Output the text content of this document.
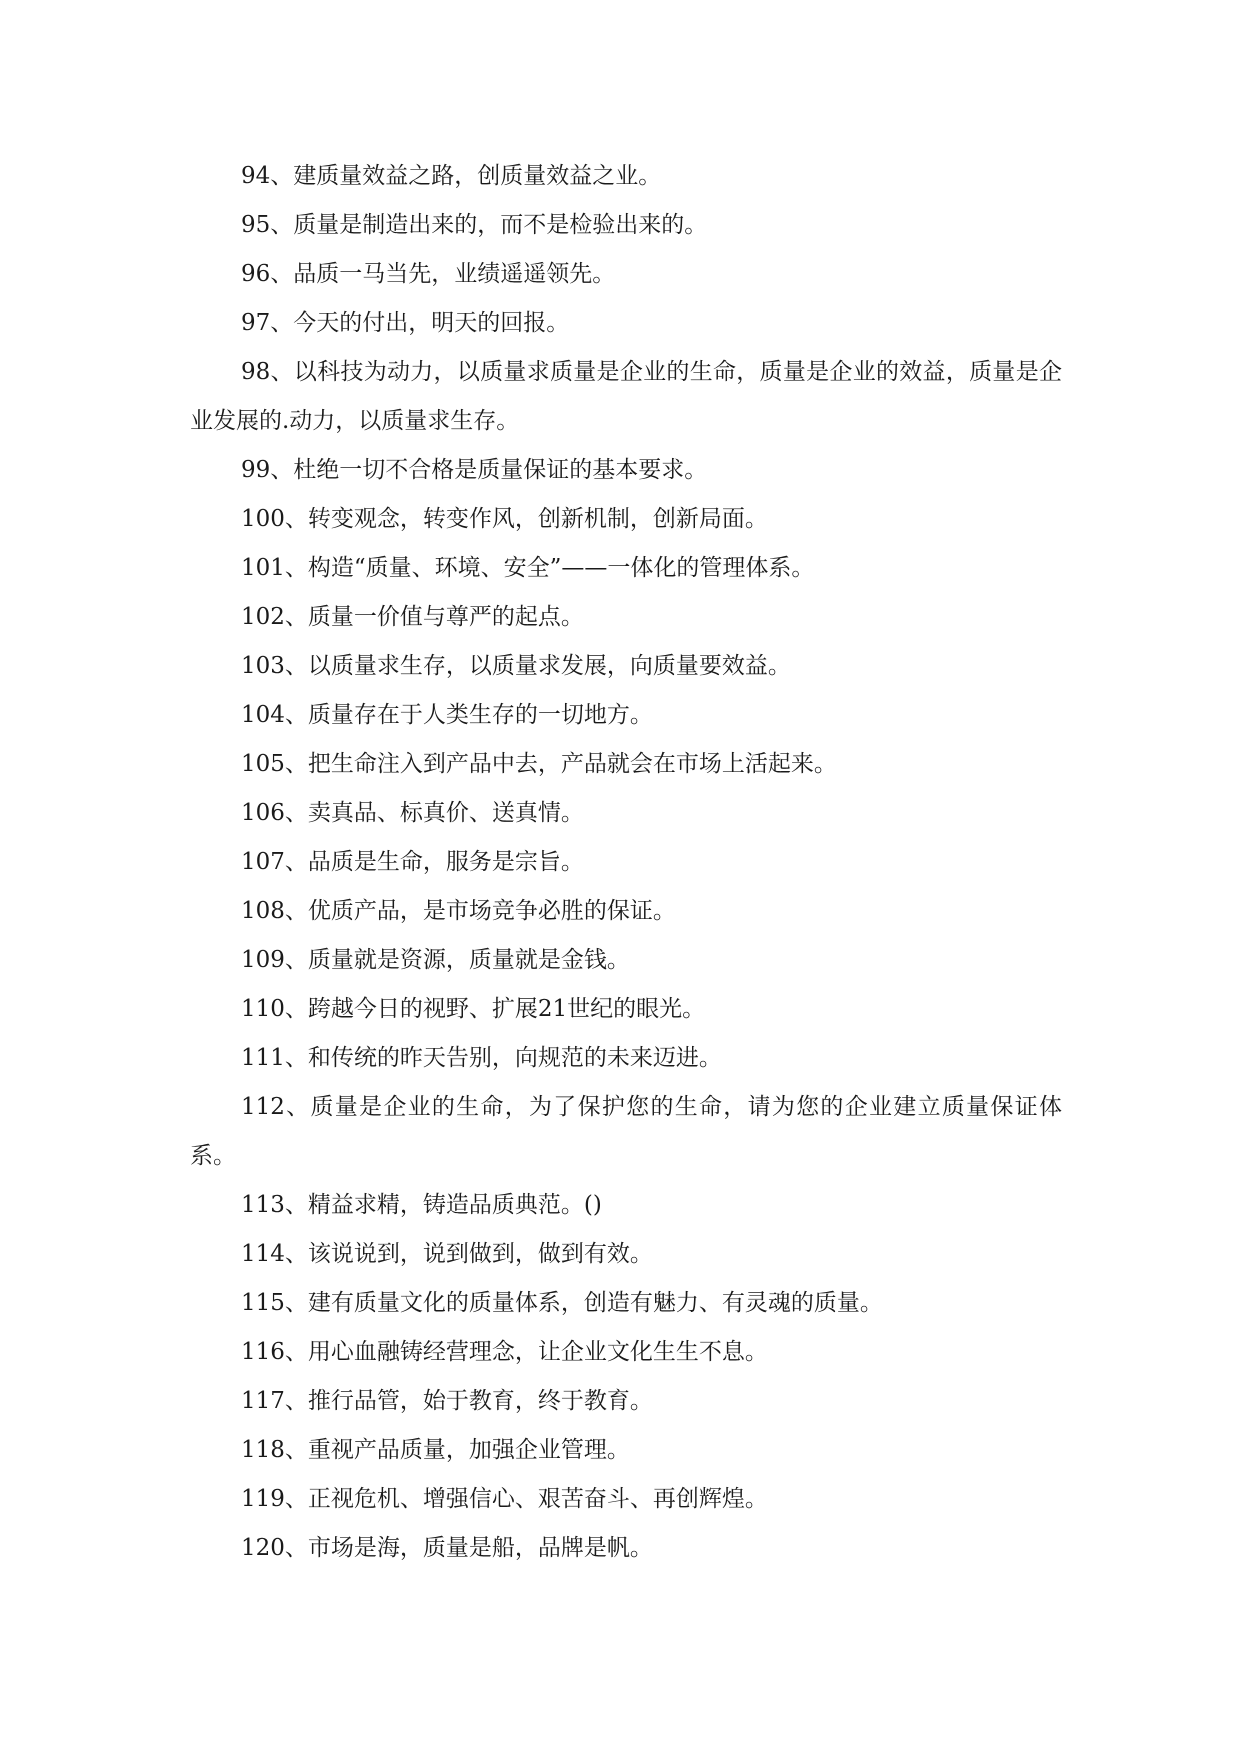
94、建质量效益之路，创质量效益之业。

95、质量是制造出来的，而不是检验出来的。

96、品质一马当先，业绩遥遥领先。

97、今天的付出，明天的回报。

98、以科技为动力，以质量求质量是企业的生命，质量是企业的效益，质量是企业发展的.动力，以质量求生存。

99、杜绝一切不合格是质量保证的基本要求。

100、转变观念，转变作风，创新机制，创新局面。

101、构造“质量、环境、安全”——一体化的管理体系。

102、质量一价值与尊严的起点。

103、以质量求生存，以质量求发展，向质量要效益。

104、质量存在于人类生存的一切地方。

105、把生命注入到产品中去，产品就会在市场上活起来。

106、卖真品、标真价、送真情。

107、品质是生命，服务是宗旨。

108、优质产品，是市场竞争必胜的保证。

109、质量就是资源，质量就是金钱。

110、跨越今日的视野、扩展21世纪的眼光。

111、和传统的昨天告别，向规范的未来迈进。

112、质量是企业的生命，为了保护您的生命，请为您的企业建立质量保证体系。

113、精益求精，铸造品质典范。()

114、该说说到，说到做到，做到有效。

115、建有质量文化的质量体系，创造有魅力、有灵魂的质量。

116、用心血融铸经营理念，让企业文化生生不息。

117、推行品管，始于教育，终于教育。

118、重视产品质量，加强企业管理。

119、正视危机、增强信心、艰苦奋斗、再创辉煌。

120、市场是海，质量是船，品牌是帆。
